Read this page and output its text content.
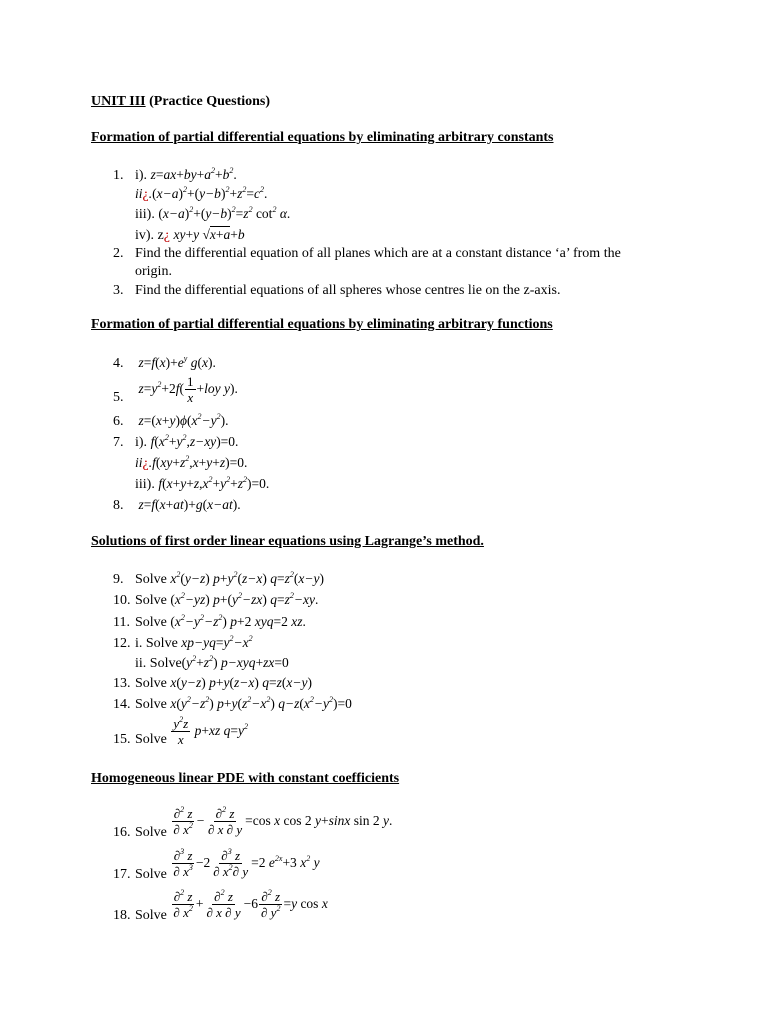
UNIT III (Practice Questions)
Formation of partial differential equations by eliminating arbitrary constants
1. i). $z=ax+by+a^2+b^2$.
$ii¿.(x-a)^2+(y-b)^2+z^2=c^2$.
iii). $(x-a)^2+(y-b)^2=z^2$ $\cot^2 \alpha$.
iv). z¿ xy+y √x+a+b
2. Find the differential equation of all planes which are at a constant distance ‘a’ from the
origin.
3. Find the differential equations of all spheres whose centres lie on the z-axis.
Formation of partial differential equations by eliminating arbitrary functions
4. $z=f(x)+e^y$ g(x).
5. $z=y^2+2f( \frac{1}{x} +loy$ y).
6. $z=(x+y)\phi(x^2-y^2)$.
7. i). $f(x^2+y^2,z-xy)=0$.
$ii¿.f(xy+z^2,x+y+z)=0$.
iii). $f(x+y+z,x^2+y^2+z^2)=0$.
8. z=f(x+at)+g(x−at).
Solutions of first order linear equations using Lagrange’s method.
9. Solve $x^2(y-z)$ $p+y^2(z-x)$ $q=z^2(x-y)$
10. Solve $(x^2-yz)$ $p+(y^2-zx)$ $q=z^2-xy$.
11. Solve $(x^2-y^2-z^2)$ p+2 xyq=2 xz.
12. i. Solve $xp-yq=y^2-x^2$
ii. $Solve(y^2+z^2)$ p−xyq+zx=0
13. Solve x(y−z) p+y(z−x) q=z(x−y)
14. Solve $x(y^2-z^2)$ $p+y(z^2-x^2)$ $q-z(x^2-y^2)=0$
15. Solve $\frac{y^2z}{x} p+xz$ $q=y^2$
Homogeneous linear PDE with constant coefficients
16. Solve $\frac{\partial^2 z}{\partial x^2} - \frac{\partial^2 z}{\partial x \partial y} =\cos$ x cos 2 y+sinx sin 2 y.
17. Solve $\frac{\partial^3 z}{\partial x^3} -2 \frac{\partial^3 z}{\partial x^2\partial y} =2$ $e^{2x}+3$ $x^2$ y
18. Solve $\frac{\partial^2 z}{\partial x^2} + \frac{\partial^2 z}{\partial x \partial y} -6 \frac{\partial^2 z}{\partial y^2} =y$ cos x
